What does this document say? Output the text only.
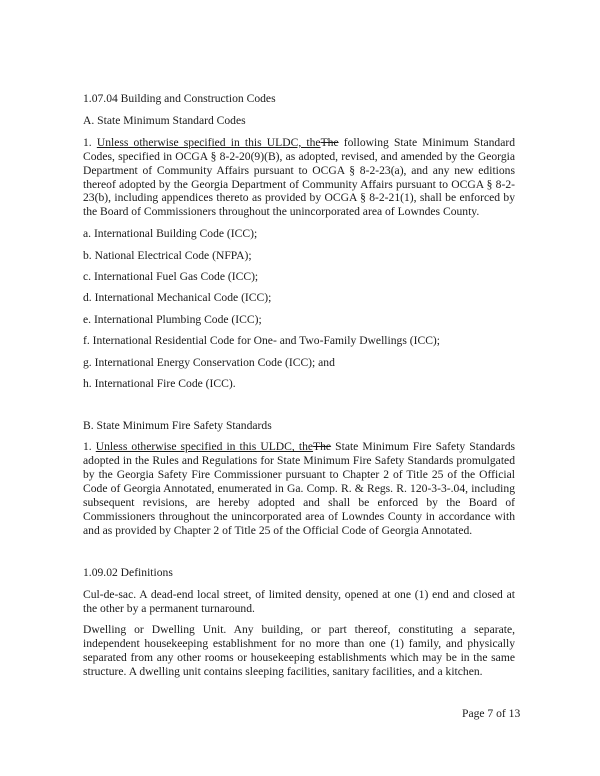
1.07.04 Building and Construction Codes

A. State Minimum Standard Codes

1. Unless otherwise specified in this ULDC, theThe following State Minimum Standard Codes, specified in OCGA § 8-2-20(9)(B), as adopted, revised, and amended by the Georgia Department of Community Affairs pursuant to OCGA § 8-2-23(a), and any new editions thereof adopted by the Georgia Department of Community Affairs pursuant to OCGA § 8-2-23(b), including appendices thereto as provided by OCGA § 8-2-21(1), shall be enforced by the Board of Commissioners throughout the unincorporated area of Lowndes County.

a. International Building Code (ICC);

b. National Electrical Code (NFPA);

c. International Fuel Gas Code (ICC);

d. International Mechanical Code (ICC);

e. International Plumbing Code (ICC);

f. International Residential Code for One- and Two-Family Dwellings (ICC);

g. International Energy Conservation Code (ICC); and

h. International Fire Code (ICC).

B. State Minimum Fire Safety Standards

1. Unless otherwise specified in this ULDC, theThe State Minimum Fire Safety Standards adopted in the Rules and Regulations for State Minimum Fire Safety Standards promulgated by the Georgia Safety Fire Commissioner pursuant to Chapter 2 of Title 25 of the Official Code of Georgia Annotated, enumerated in Ga. Comp. R. & Regs. R. 120-3-3-.04, including subsequent revisions, are hereby adopted and shall be enforced by the Board of Commissioners throughout the unincorporated area of Lowndes County in accordance with and as provided by Chapter 2 of Title 25 of the Official Code of Georgia Annotated.

1.09.02 Definitions

Cul-de-sac. A dead-end local street, of limited density, opened at one (1) end and closed at the other by a permanent turnaround.

Dwelling or Dwelling Unit. Any building, or part thereof, constituting a separate, independent housekeeping establishment for no more than one (1) family, and physically separated from any other rooms or housekeeping establishments which may be in the same structure. A dwelling unit contains sleeping facilities, sanitary facilities, and a kitchen.

Page 7 of 13
